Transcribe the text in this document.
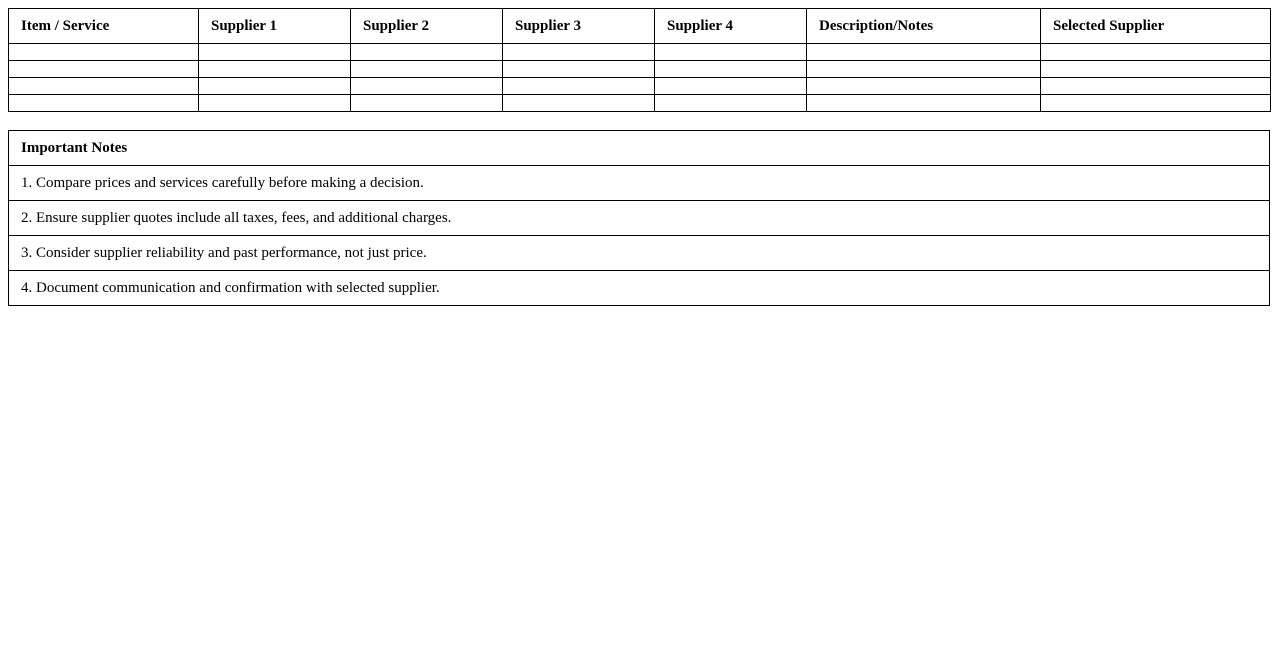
Item / Service	Supplier 1	Supplier 2	Supplier 3	Supplier 4	Description/Notes	Selected Supplier

Important Notes
1. Compare prices and services carefully before making a decision.
2. Ensure supplier quotes include all taxes, fees, and additional charges.
3. Consider supplier reliability and past performance, not just price.
4. Document communication and confirmation with selected supplier.
